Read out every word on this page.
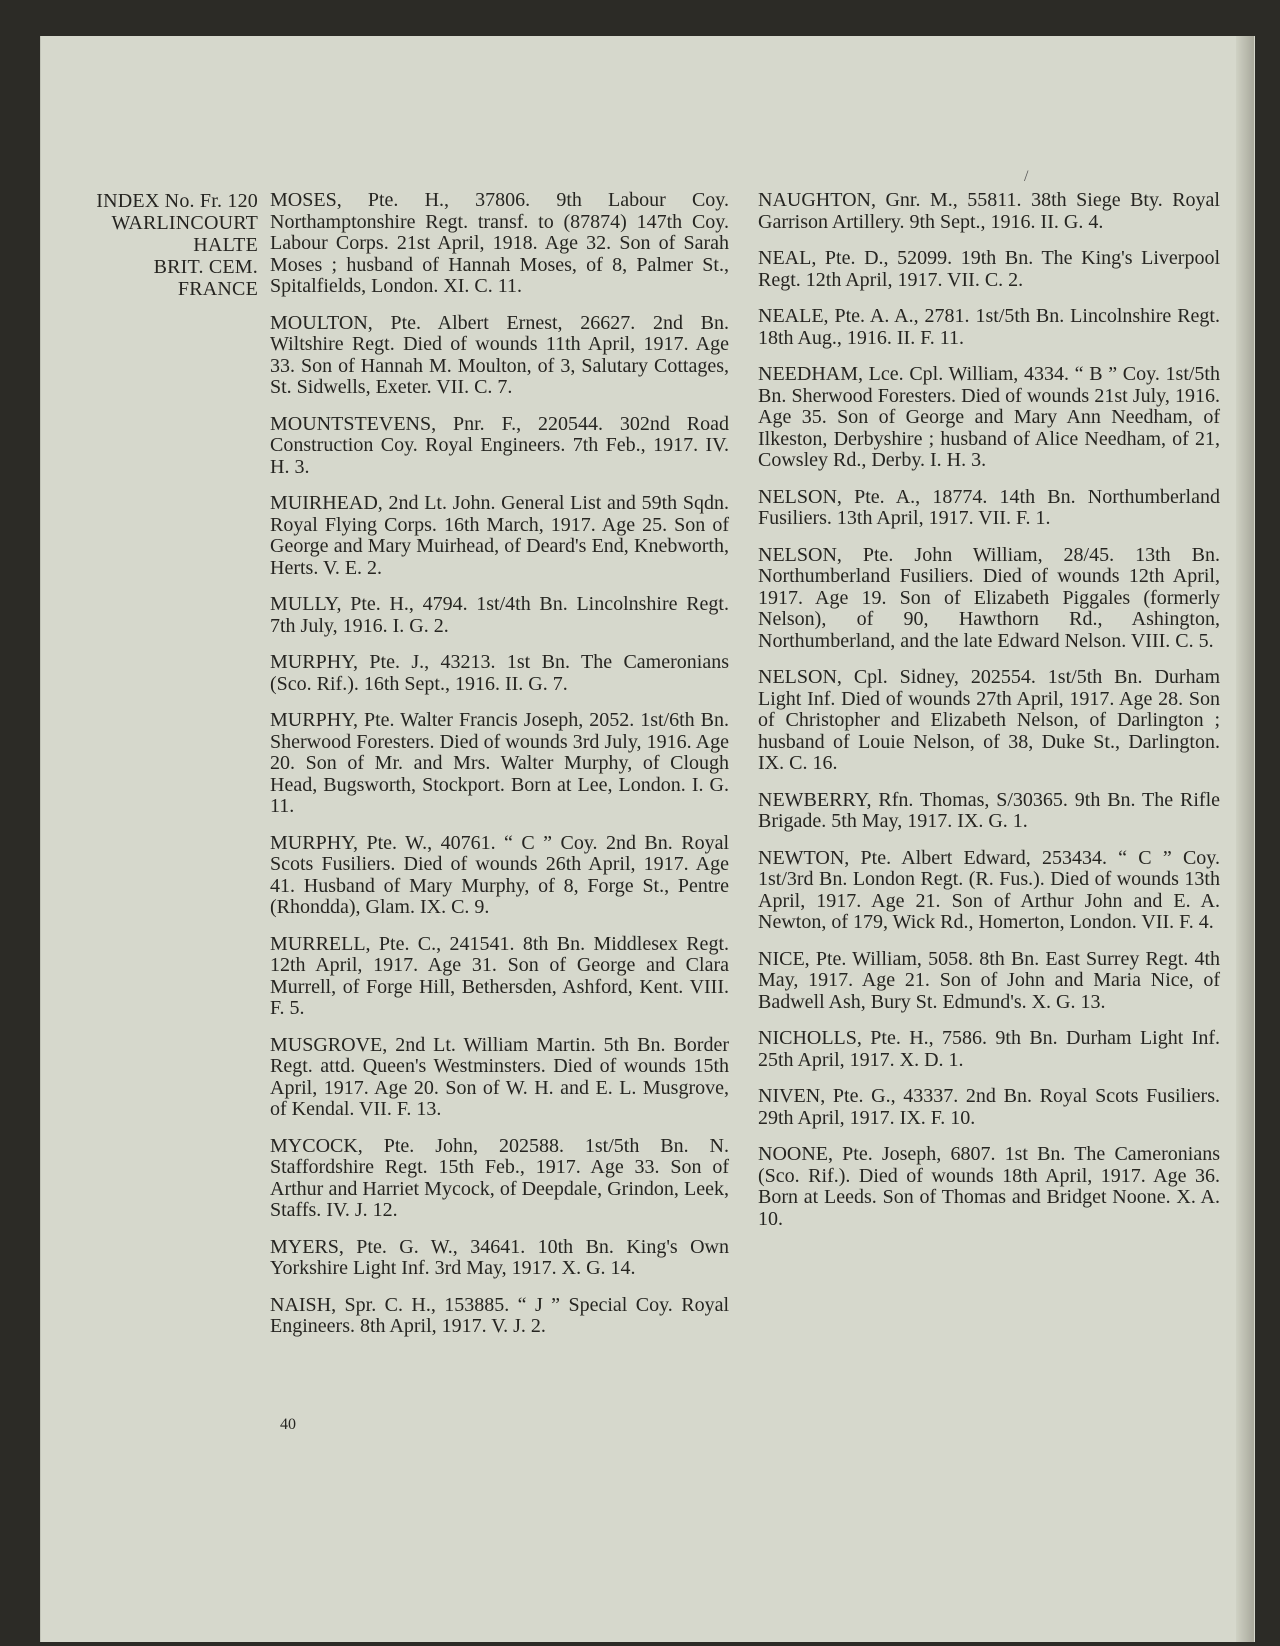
/
INDEX No. Fr. 120
WARLINCOURT
HALTE
BRIT. CEM.
FRANCE

MOSES, Pte. H., 37806. 9th Labour Coy. Northamptonshire Regt. transf. to (87874) 147th Coy. Labour Corps. 21st April, 1918. Age 32. Son of Sarah Moses ; husband of Hannah Moses, of 8, Palmer St., Spitalfields, London. XI. C. 11.

MOULTON, Pte. Albert Ernest, 26627. 2nd Bn. Wiltshire Regt. Died of wounds 11th April, 1917. Age 33. Son of Hannah M. Moulton, of 3, Salutary Cottages, St. Sidwells, Exeter. VII. C. 7.

MOUNTSTEVENS, Pnr. F., 220544. 302nd Road Construction Coy. Royal Engineers. 7th Feb., 1917. IV. H. 3.

MUIRHEAD, 2nd Lt. John. General List and 59th Sqdn. Royal Flying Corps. 16th March, 1917. Age 25. Son of George and Mary Muirhead, of Deard's End, Knebworth, Herts. V. E. 2.

MULLY, Pte. H., 4794. 1st/4th Bn. Lincolnshire Regt. 7th July, 1916. I. G. 2.

MURPHY, Pte. J., 43213. 1st Bn. The Cameronians (Sco. Rif.). 16th Sept., 1916. II. G. 7.

MURPHY, Pte. Walter Francis Joseph, 2052. 1st/6th Bn. Sherwood Foresters. Died of wounds 3rd July, 1916. Age 20. Son of Mr. and Mrs. Walter Murphy, of Clough Head, Bugsworth, Stockport. Born at Lee, London. I. G. 11.

MURPHY, Pte. W., 40761. “ C ” Coy. 2nd Bn. Royal Scots Fusiliers. Died of wounds 26th April, 1917. Age 41. Husband of Mary Murphy, of 8, Forge St., Pentre (Rhondda), Glam. IX. C. 9.

MURRELL, Pte. C., 241541. 8th Bn. Middlesex Regt. 12th April, 1917. Age 31. Son of George and Clara Murrell, of Forge Hill, Bethersden, Ashford, Kent. VIII. F. 5.

MUSGROVE, 2nd Lt. William Martin. 5th Bn. Border Regt. attd. Queen's Westminsters. Died of wounds 15th April, 1917. Age 20. Son of W. H. and E. L. Musgrove, of Kendal. VII. F. 13.

MYCOCK, Pte. John, 202588. 1st/5th Bn. N. Staffordshire Regt. 15th Feb., 1917. Age 33. Son of Arthur and Harriet Mycock, of Deepdale, Grindon, Leek, Staffs. IV. J. 12.

MYERS, Pte. G. W., 34641. 10th Bn. King's Own Yorkshire Light Inf. 3rd May, 1917. X. G. 14.

NAISH, Spr. C. H., 153885. “ J ” Special Coy. Royal Engineers. 8th April, 1917. V. J. 2.

NAUGHTON, Gnr. M., 55811. 38th Siege Bty. Royal Garrison Artillery. 9th Sept., 1916. II. G. 4.

NEAL, Pte. D., 52099. 19th Bn. The King's Liverpool Regt. 12th April, 1917. VII. C. 2.

NEALE, Pte. A. A., 2781. 1st/5th Bn. Lincolnshire Regt. 18th Aug., 1916. II. F. 11.

NEEDHAM, Lce. Cpl. William, 4334. “ B ” Coy. 1st/5th Bn. Sherwood Foresters. Died of wounds 21st July, 1916. Age 35. Son of George and Mary Ann Needham, of Ilkeston, Derbyshire ; husband of Alice Needham, of 21, Cowsley Rd., Derby. I. H. 3.

NELSON, Pte. A., 18774. 14th Bn. Northumberland Fusiliers. 13th April, 1917. VII. F. 1.

NELSON, Pte. John William, 28/45. 13th Bn. Northumberland Fusiliers. Died of wounds 12th April, 1917. Age 19. Son of Elizabeth Piggales (formerly Nelson), of 90, Hawthorn Rd., Ashington, Northumberland, and the late Edward Nelson. VIII. C. 5.

NELSON, Cpl. Sidney, 202554. 1st/5th Bn. Durham Light Inf. Died of wounds 27th April, 1917. Age 28. Son of Christopher and Elizabeth Nelson, of Darlington ; husband of Louie Nelson, of 38, Duke St., Darlington. IX. C. 16.

NEWBERRY, Rfn. Thomas, S/30365. 9th Bn. The Rifle Brigade. 5th May, 1917. IX. G. 1.

NEWTON, Pte. Albert Edward, 253434. “ C ” Coy. 1st/3rd Bn. London Regt. (R. Fus.). Died of wounds 13th April, 1917. Age 21. Son of Arthur John and E. A. Newton, of 179, Wick Rd., Homerton, London. VII. F. 4.

NICE, Pte. William, 5058. 8th Bn. East Surrey Regt. 4th May, 1917. Age 21. Son of John and Maria Nice, of Badwell Ash, Bury St. Edmund's. X. G. 13.

NICHOLLS, Pte. H., 7586. 9th Bn. Durham Light Inf. 25th April, 1917. X. D. 1.

NIVEN, Pte. G., 43337. 2nd Bn. Royal Scots Fusiliers. 29th April, 1917. IX. F. 10.

NOONE, Pte. Joseph, 6807. 1st Bn. The Cameronians (Sco. Rif.). Died of wounds 18th April, 1917. Age 36. Born at Leeds. Son of Thomas and Bridget Noone. X. A. 10.

40
